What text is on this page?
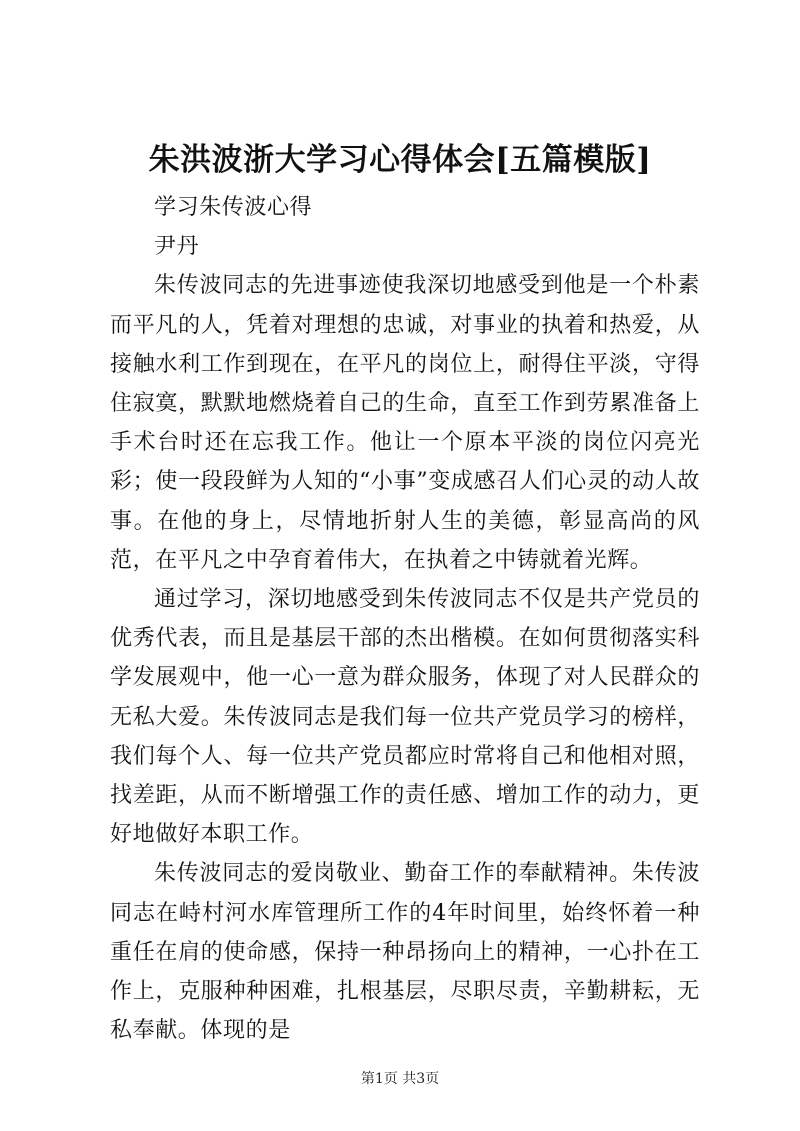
朱洪波浙大学习心得体会[五篇模版]

学习朱传波心得

尹丹

朱传波同志的先进事迹使我深切地感受到他是一个朴素而平凡的人，凭着对理想的忠诚，对事业的执着和热爱，从接触水利工作到现在，在平凡的岗位上，耐得住平淡，守得住寂寞，默默地燃烧着自己的生命，直至工作到劳累准备上手术台时还在忘我工作。他让一个原本平淡的岗位闪亮光彩；使一段段鲜为人知的“小事”变成感召人们心灵的动人故事。在他的身上，尽情地折射人生的美德，彰显高尚的风范，在平凡之中孕育着伟大，在执着之中铸就着光辉。

通过学习，深切地感受到朱传波同志不仅是共产党员的优秀代表，而且是基层干部的杰出楷模。在如何贯彻落实科学发展观中，他一心一意为群众服务，体现了对人民群众的无私大爱。朱传波同志是我们每一位共产党员学习的榜样，我们每个人、每一位共产党员都应时常将自己和他相对照，找差距，从而不断增强工作的责任感、增加工作的动力，更好地做好本职工作。

朱传波同志的爱岗敬业、勤奋工作的奉献精神。朱传波同志在峙村河水库管理所工作的4年时间里，始终怀着一种重任在肩的使命感，保持一种昂扬向上的精神，一心扑在工作上，克服种种困难，扎根基层，尽职尽责，辛勤耕耘，无私奉献。体现的是

第1页 共3页
